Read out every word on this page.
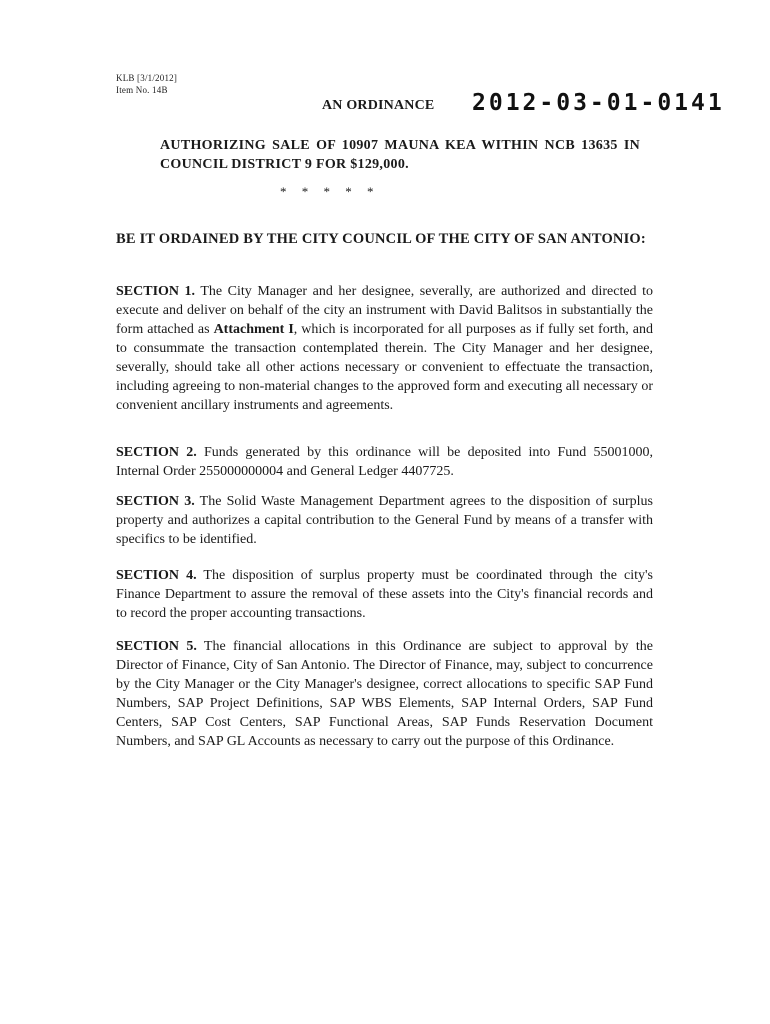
KLB [3/1/2012]
Item No. 14B
AN ORDINANCE 2012-03-01-0141
AUTHORIZING SALE OF 10907 MAUNA KEA WITHIN NCB 13635 IN COUNCIL DISTRICT 9 FOR $129,000.
* * * * *
BE IT ORDAINED BY THE CITY COUNCIL OF THE CITY OF SAN ANTONIO:
SECTION 1. The City Manager and her designee, severally, are authorized and directed to execute and deliver on behalf of the city an instrument with David Balitsos in substantially the form attached as Attachment I, which is incorporated for all purposes as if fully set forth, and to consummate the transaction contemplated therein. The City Manager and her designee, severally, should take all other actions necessary or convenient to effectuate the transaction, including agreeing to non-material changes to the approved form and executing all necessary or convenient ancillary instruments and agreements.
SECTION 2. Funds generated by this ordinance will be deposited into Fund 55001000, Internal Order 255000000004 and General Ledger 4407725.
SECTION 3. The Solid Waste Management Department agrees to the disposition of surplus property and authorizes a capital contribution to the General Fund by means of a transfer with specifics to be identified.
SECTION 4. The disposition of surplus property must be coordinated through the city's Finance Department to assure the removal of these assets into the City's financial records and to record the proper accounting transactions.
SECTION 5. The financial allocations in this Ordinance are subject to approval by the Director of Finance, City of San Antonio. The Director of Finance, may, subject to concurrence by the City Manager or the City Manager's designee, correct allocations to specific SAP Fund Numbers, SAP Project Definitions, SAP WBS Elements, SAP Internal Orders, SAP Fund Centers, SAP Cost Centers, SAP Functional Areas, SAP Funds Reservation Document Numbers, and SAP GL Accounts as necessary to carry out the purpose of this Ordinance.
